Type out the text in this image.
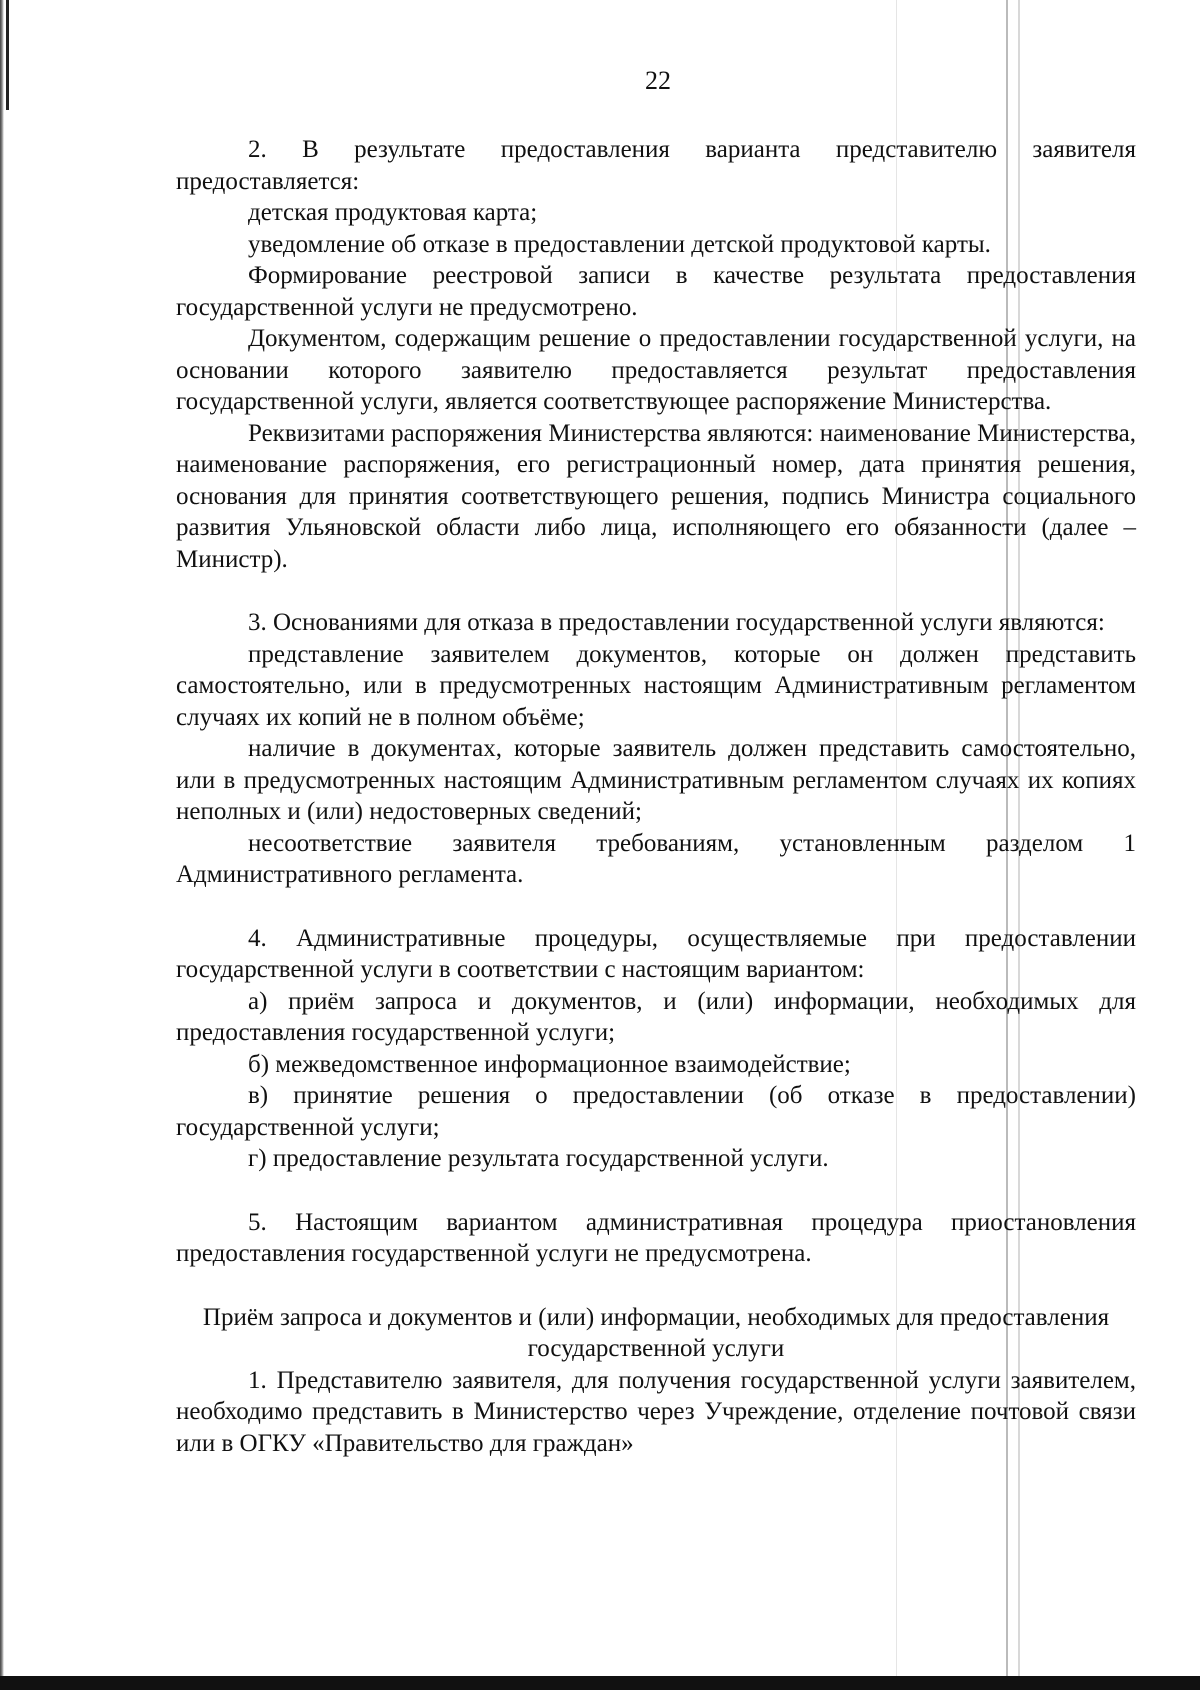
22

2. В результате предоставления варианта представителю заявителя предоставляется:

детская продуктовая карта;

уведомление об отказе в предоставлении детской продуктовой карты.

Формирование реестровой записи в качестве результата предоставления государственной услуги не предусмотрено.

Документом, содержащим решение о предоставлении государственной услуги, на основании которого заявителю предоставляется результат предоставления государственной услуги, является соответствующее распоряжение Министерства.

Реквизитами распоряжения Министерства являются: наименование Министерства, наименование распоряжения, его регистрационный номер, дата принятия решения, основания для принятия соответствующего решения, подпись Министра социального развития Ульяновской области либо лица, исполняющего его обязанности (далее – Министр).

3. Основаниями для отказа в предоставлении государственной услуги являются:

представление заявителем документов, которые он должен представить самостоятельно, или в предусмотренных настоящим Административным регламентом случаях их копий не в полном объёме;

наличие в документах, которые заявитель должен представить самостоятельно, или в предусмотренных настоящим Административным регламентом случаях их копиях неполных и (или) недостоверных сведений;

несоответствие заявителя требованиям, установленным разделом 1 Административного регламента.

4. Административные процедуры, осуществляемые при предоставлении государственной услуги в соответствии с настоящим вариантом:

а) приём запроса и документов, и (или) информации, необходимых для предоставления государственной услуги;

б) межведомственное информационное взаимодействие;

в) принятие решения о предоставлении (об отказе в предоставлении) государственной услуги;

г) предоставление результата государственной услуги.

5. Настоящим вариантом административная процедура приостановления предоставления государственной услуги не предусмотрена.

Приём запроса и документов и (или) информации, необходимых для предоставления государственной услуги

1. Представителю заявителя, для получения государственной услуги заявителем, необходимо представить в Министерство через Учреждение, отделение почтовой связи или в ОГКУ «Правительство для граждан»
